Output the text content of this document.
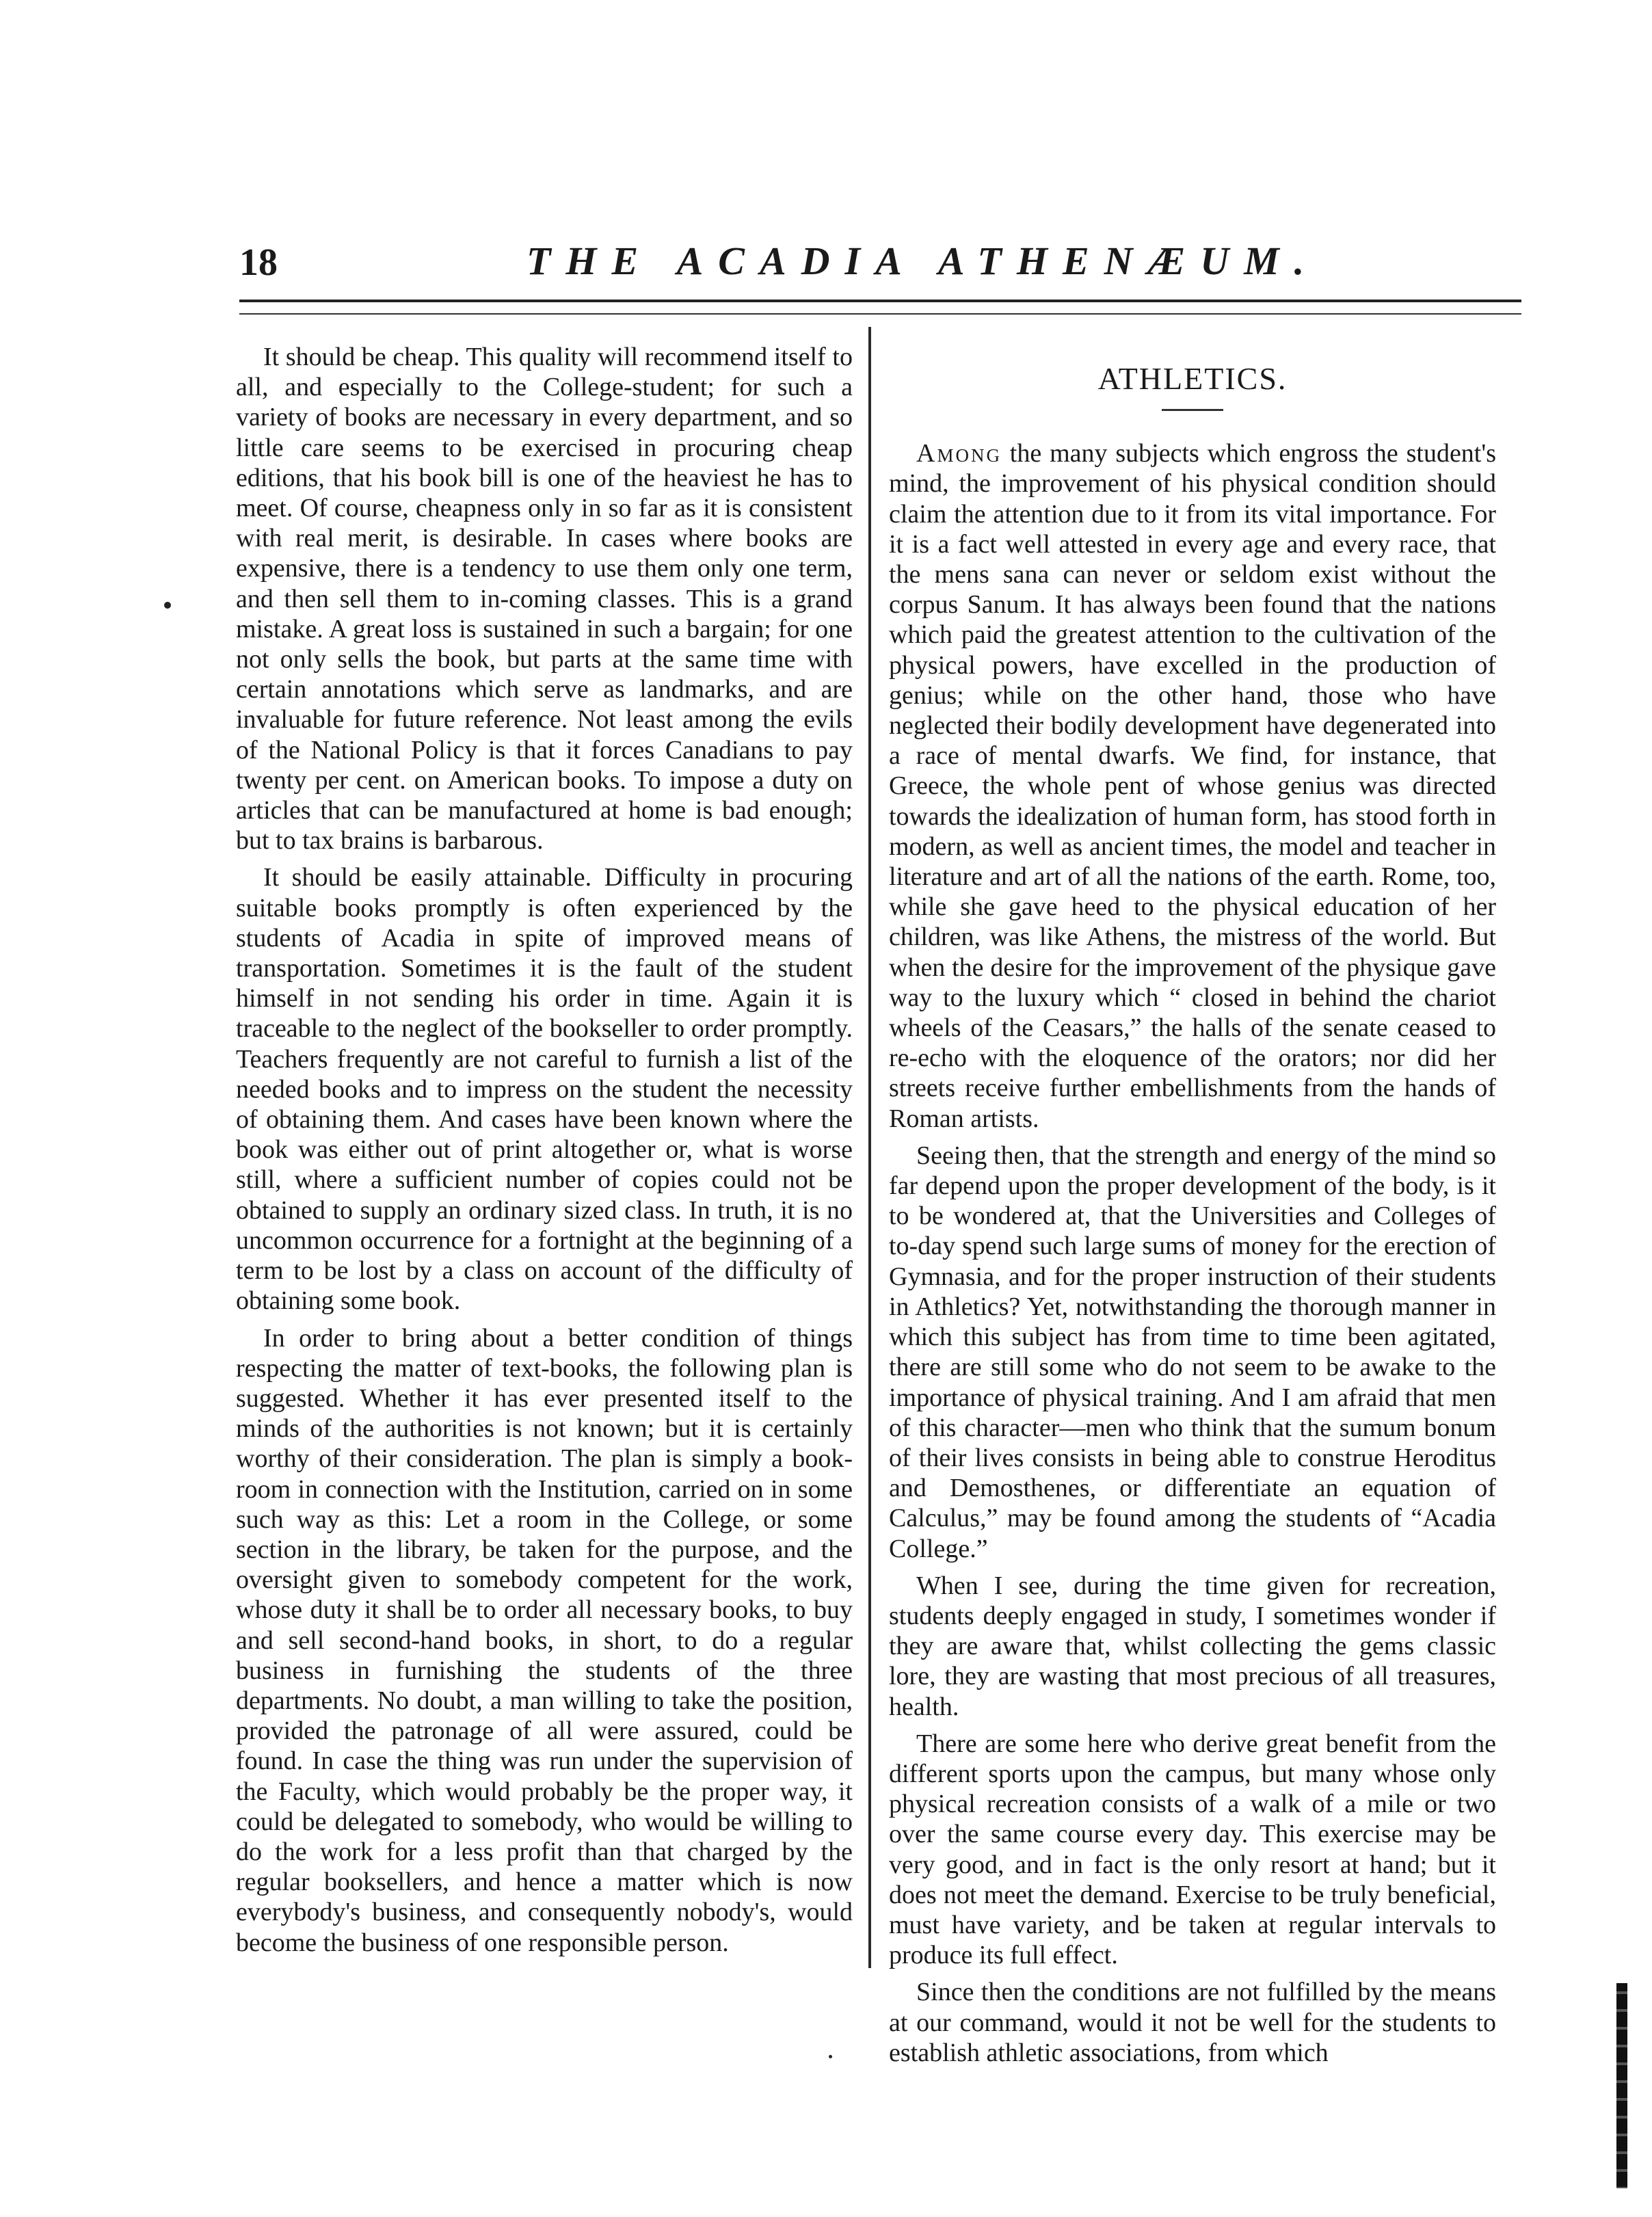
18	THE ACADIA ATHENÆUM.

It should be cheap. This quality will recommend itself to all, and especially to the College-student; for such a variety of books are necessary in every department, and so little care seems to be exercised in procuring cheap editions, that his book bill is one of the heaviest he has to meet. Of course, cheapness only in so far as it is consistent with real merit, is desirable. In cases where books are expensive, there is a tendency to use them only one term, and then sell them to in-coming classes. This is a grand mistake. A great loss is sustained in such a bargain; for one not only sells the book, but parts at the same time with certain annotations which serve as landmarks, and are invaluable for future reference. Not least among the evils of the National Policy is that it forces Canadians to pay twenty per cent. on American books. To impose a duty on articles that can be manufactured at home is bad enough; but to tax brains is barbarous.

It should be easily attainable. Difficulty in procuring suitable books promptly is often experienced by the students of Acadia in spite of improved means of transportation. Sometimes it is the fault of the student himself in not sending his order in time. Again it is traceable to the neglect of the bookseller to order promptly. Teachers frequently are not careful to furnish a list of the needed books and to impress on the student the necessity of obtaining them. And cases have been known where the book was either out of print altogether or, what is worse still, where a sufficient number of copies could not be obtained to supply an ordinary sized class. In truth, it is no uncommon occurrence for a fortnight at the beginning of a term to be lost by a class on account of the difficulty of obtaining some book.

In order to bring about a better condition of things respecting the matter of text-books, the following plan is suggested. Whether it has ever presented itself to the minds of the authorities is not known; but it is certainly worthy of their consideration. The plan is simply a book-room in connection with the Institution, carried on in some such way as this: Let a room in the College, or some section in the library, be taken for the purpose, and the oversight given to somebody competent for the work, whose duty it shall be to order all necessary books, to buy and sell second-hand books, in short, to do a regular business in furnishing the students of the three departments. No doubt, a man willing to take the position, provided the patronage of all were assured, could be found. In case the thing was run under the supervision of the Faculty, which would probably be the proper way, it could be delegated to somebody, who would be willing to do the work for a less profit than that charged by the regular booksellers, and hence a matter which is now everybody's business, and consequently nobody's, would become the business of one responsible person.

ATHLETICS.

Among the many subjects which engross the student's mind, the improvement of his physical condition should claim the attention due to it from its vital importance. For it is a fact well attested in every age and every race, that the mens sana can never or seldom exist without the corpus Sanum. It has always been found that the nations which paid the greatest attention to the cultivation of the physical powers, have excelled in the production of genius; while on the other hand, those who have neglected their bodily development have degenerated into a race of mental dwarfs. We find, for instance, that Greece, the whole pent of whose genius was directed towards the idealization of human form, has stood forth in modern, as well as ancient times, the model and teacher in literature and art of all the nations of the earth. Rome, too, while she gave heed to the physical education of her children, was like Athens, the mistress of the world. But when the desire for the improvement of the physique gave way to the luxury which “ closed in behind the chariot wheels of the Ceasars,” the halls of the senate ceased to re-echo with the eloquence of the orators; nor did her streets receive further embellishments from the hands of Roman artists.

Seeing then, that the strength and energy of the mind so far depend upon the proper development of the body, is it to be wondered at, that the Universities and Colleges of to-day spend such large sums of money for the erection of Gymnasia, and for the proper instruction of their students in Athletics? Yet, notwithstanding the thorough manner in which this subject has from time to time been agitated, there are still some who do not seem to be awake to the importance of physical training. And I am afraid that men of this character—men who think that the sumum bonum of their lives consists in being able to construe Heroditus and Demosthenes, or differentiate an equation of Calculus,” may be found among the students of “Acadia College.”

When I see, during the time given for recreation, students deeply engaged in study, I sometimes wonder if they are aware that, whilst collecting the gems classic lore, they are wasting that most precious of all treasures, health.

There are some here who derive great benefit from the different sports upon the campus, but many whose only physical recreation consists of a walk of a mile or two over the same course every day. This exercise may be very good, and in fact is the only resort at hand; but it does not meet the demand. Exercise to be truly beneficial, must have variety, and be taken at regular intervals to produce its full effect.

Since then the conditions are not fulfilled by the means at our command, would it not be well for the students to establish athletic associations, from which
